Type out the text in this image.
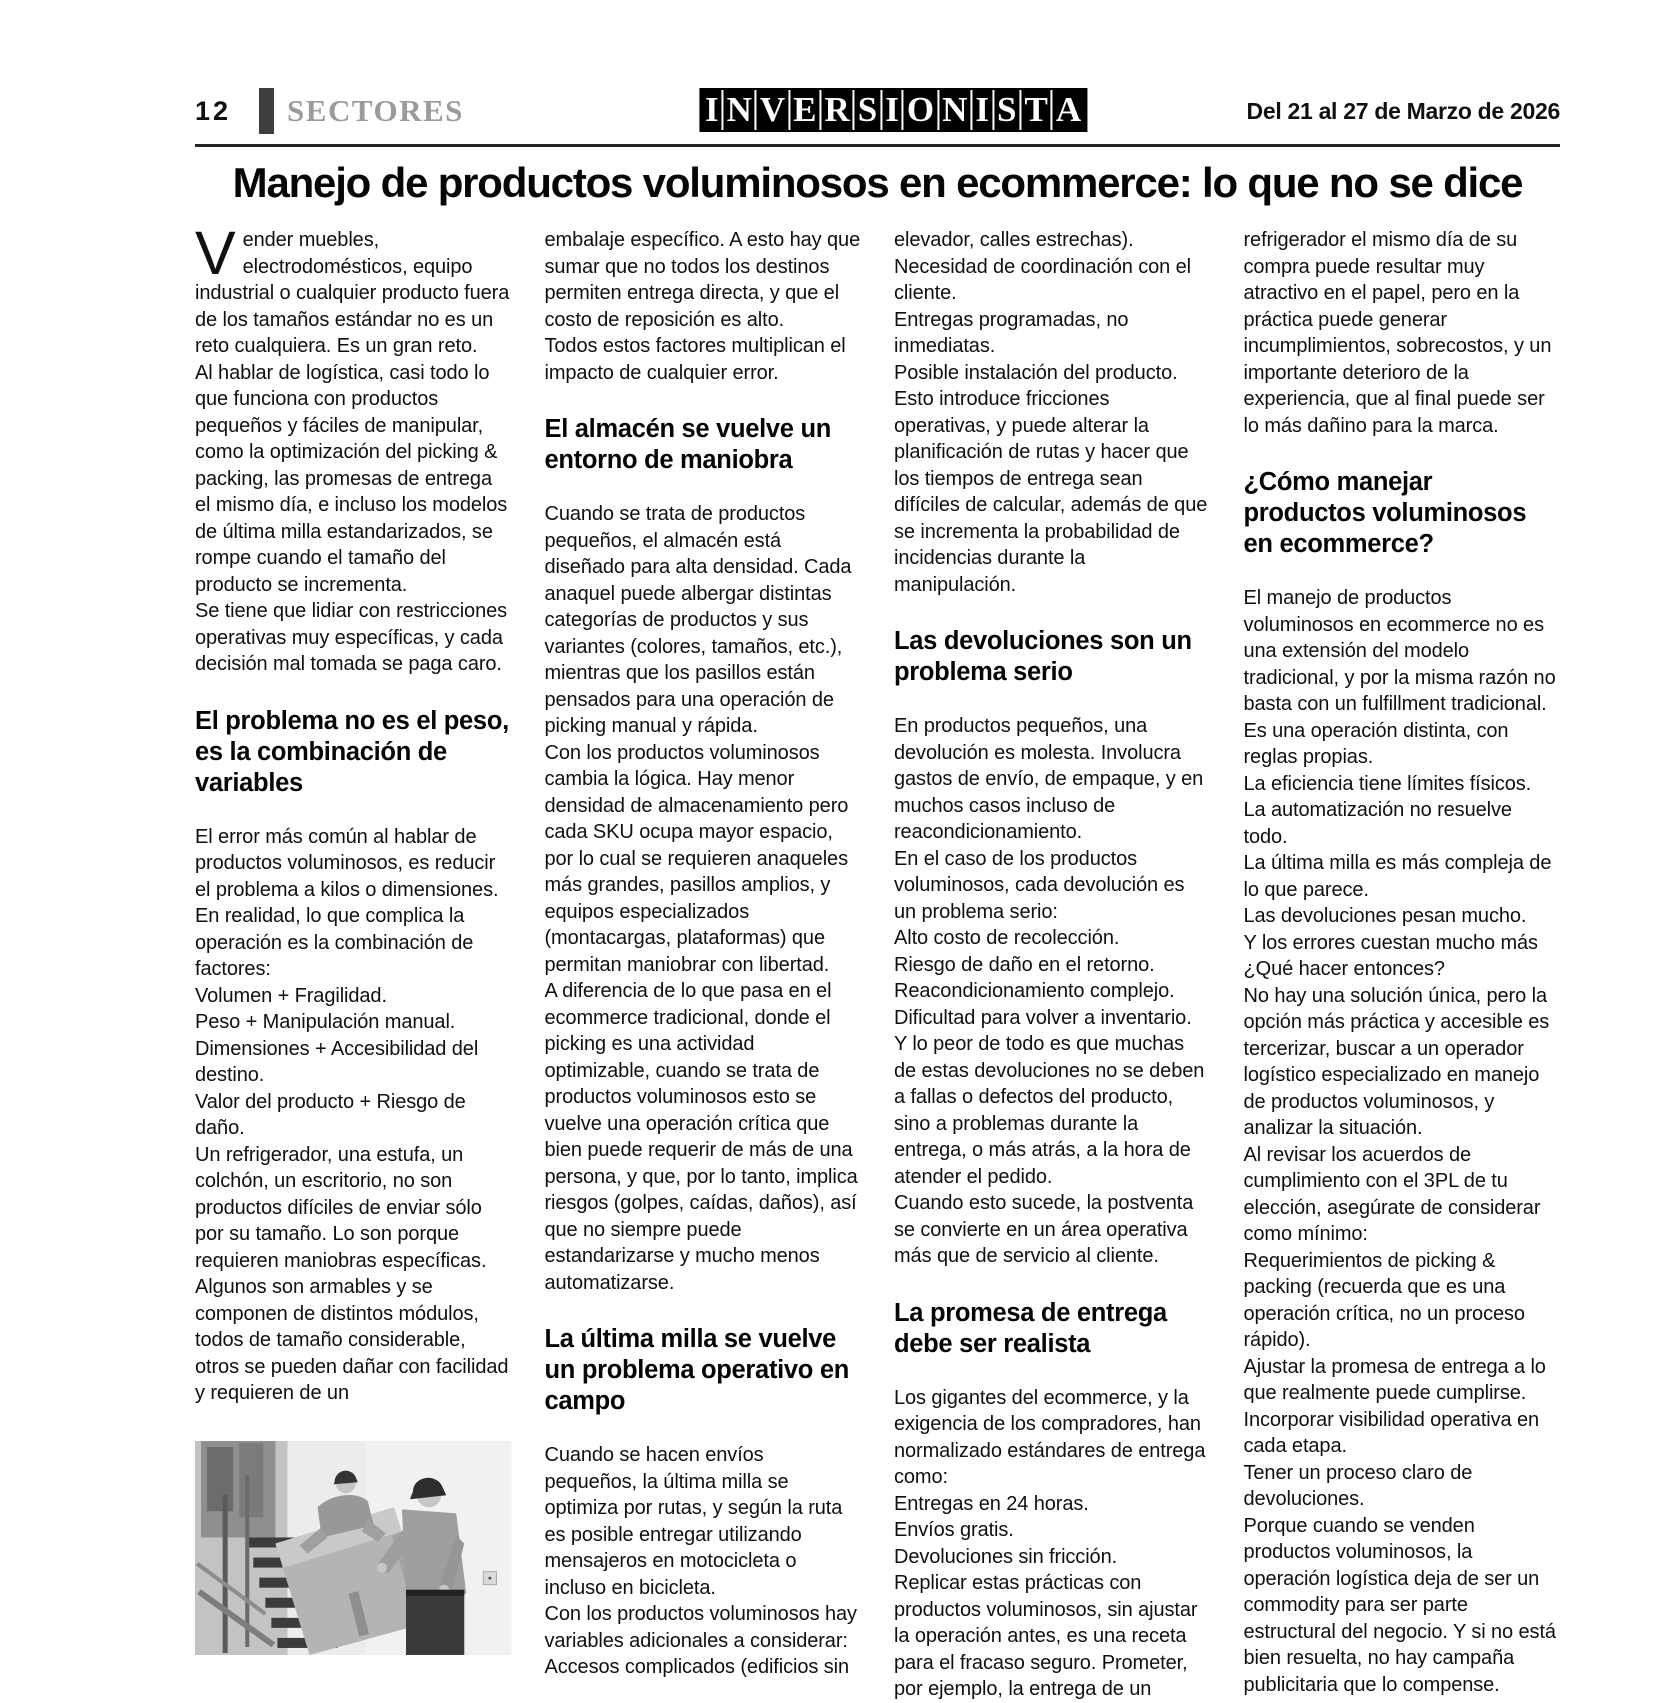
12 SECTORES	I N V E R S I O N I S T A	Del 21 al 27 de Marzo de 2026
Manejo de productos voluminosos en ecommerce: lo que no se dice

Vender muebles, electrodomésticos, equipo industrial o cualquier producto fuera de los tamaños estándar no es un reto cualquiera. Es un gran reto.

Al hablar de logística, casi todo lo que funciona con productos pequeños y fáciles de manipular, como la optimización del picking & packing, las promesas de entrega el mismo día, e incluso los modelos de última milla estandarizados, se rompe cuando el tamaño del producto se incrementa.

Se tiene que lidiar con restricciones operativas muy específicas, y cada decisión mal tomada se paga caro.

El problema no es el peso, es la combinación de variables

El error más común al hablar de productos voluminosos, es reducir el problema a kilos o dimensiones.

En realidad, lo que complica la operación es la combinación de factores:

Volumen + Fragilidad.

Peso + Manipulación manual.

Dimensiones + Accesibilidad del destino.

Valor del producto + Riesgo de daño.

Un refrigerador, una estufa, un colchón, un escritorio, no son productos difíciles de enviar sólo por su tamaño. Lo son porque requieren maniobras específicas. Algunos son armables y se componen de distintos módulos, todos de tamaño considerable, otros se pueden dañar con facilidad y requieren de un

embalaje específico. A esto hay que sumar que no todos los destinos permiten entrega directa, y que el costo de reposición es alto.

Todos estos factores multiplican el impacto de cualquier error.

El almacén se vuelve un entorno de maniobra

Cuando se trata de productos pequeños, el almacén está diseñado para alta densidad. Cada anaquel puede albergar distintas categorías de productos y sus variantes (colores, tamaños, etc.), mientras que los pasillos están pensados para una operación de picking manual y rápida.

Con los productos voluminosos cambia la lógica. Hay menor densidad de almacenamiento pero cada SKU ocupa mayor espacio, por lo cual se requieren anaqueles más grandes, pasillos amplios, y equipos especializados (montacargas, plataformas) que permitan maniobrar con libertad.

A diferencia de lo que pasa en el ecommerce tradicional, donde el picking es una actividad optimizable, cuando se trata de productos voluminosos esto se vuelve una operación crítica que bien puede requerir de más de una persona, y que, por lo tanto, implica riesgos (golpes, caídas, daños), así que no siempre puede estandarizarse y mucho menos automatizarse.

La última milla se vuelve un problema operativo en campo

Cuando se hacen envíos pequeños, la última milla se optimiza por rutas, y según la ruta es posible entregar utilizando mensajeros en motocicleta o incluso en bicicleta.

Con los productos voluminosos hay variables adicionales a considerar:

Accesos complicados (edificios sin

elevador, calles estrechas).

Necesidad de coordinación con el cliente.

Entregas programadas, no inmediatas.

Posible instalación del producto.

Esto introduce fricciones operativas, y puede alterar la planificación de rutas y hacer que los tiempos de entrega sean difíciles de calcular, además de que se incrementa la probabilidad de incidencias durante la manipulación.

Las devoluciones son un problema serio

En productos pequeños, una devolución es molesta. Involucra gastos de envío, de empaque, y en muchos casos incluso de reacondicionamiento.

En el caso de los productos voluminosos, cada devolución es un problema serio:

Alto costo de recolección.

Riesgo de daño en el retorno.

Reacondicionamiento complejo.

Dificultad para volver a inventario.

Y lo peor de todo es que muchas de estas devoluciones no se deben a fallas o defectos del producto, sino a problemas durante la entrega, o más atrás, a la hora de atender el pedido.

Cuando esto sucede, la postventa se convierte en un área operativa más que de servicio al cliente.

La promesa de entrega debe ser realista

Los gigantes del ecommerce, y la exigencia de los compradores, han normalizado estándares de entrega como:

Entregas en 24 horas.

Envíos gratis.

Devoluciones sin fricción.

Replicar estas prácticas con productos voluminosos, sin ajustar la operación antes, es una receta para el fracaso seguro. Prometer, por ejemplo, la entrega de un

refrigerador el mismo día de su compra puede resultar muy atractivo en el papel, pero en la práctica puede generar incumplimientos, sobrecostos, y un importante deterioro de la experiencia, que al final puede ser lo más dañino para la marca.

¿Cómo manejar productos voluminosos en ecommerce?

El manejo de productos voluminosos en ecommerce no es una extensión del modelo tradicional, y por la misma razón no basta con un fulfillment tradicional.

Es una operación distinta, con reglas propias.

La eficiencia tiene límites físicos.

La automatización no resuelve todo.

La última milla es más compleja de lo que parece.

Las devoluciones pesan mucho.

Y los errores cuestan mucho más

¿Qué hacer entonces?

No hay una solución única, pero la opción más práctica y accesible es tercerizar, buscar a un operador logístico especializado en manejo de productos voluminosos, y analizar la situación.

Al revisar los acuerdos de cumplimiento con el 3PL de tu elección, asegúrate de considerar como mínimo:

Requerimientos de picking & packing (recuerda que es una operación crítica, no un proceso rápido).

Ajustar la promesa de entrega a lo que realmente puede cumplirse.

Incorporar visibilidad operativa en cada etapa.

Tener un proceso claro de devoluciones.

Porque cuando se venden productos voluminosos, la operación logística deja de ser un commodity para ser parte estructural del negocio. Y si no está bien resuelta, no hay campaña publicitaria que lo compense.
